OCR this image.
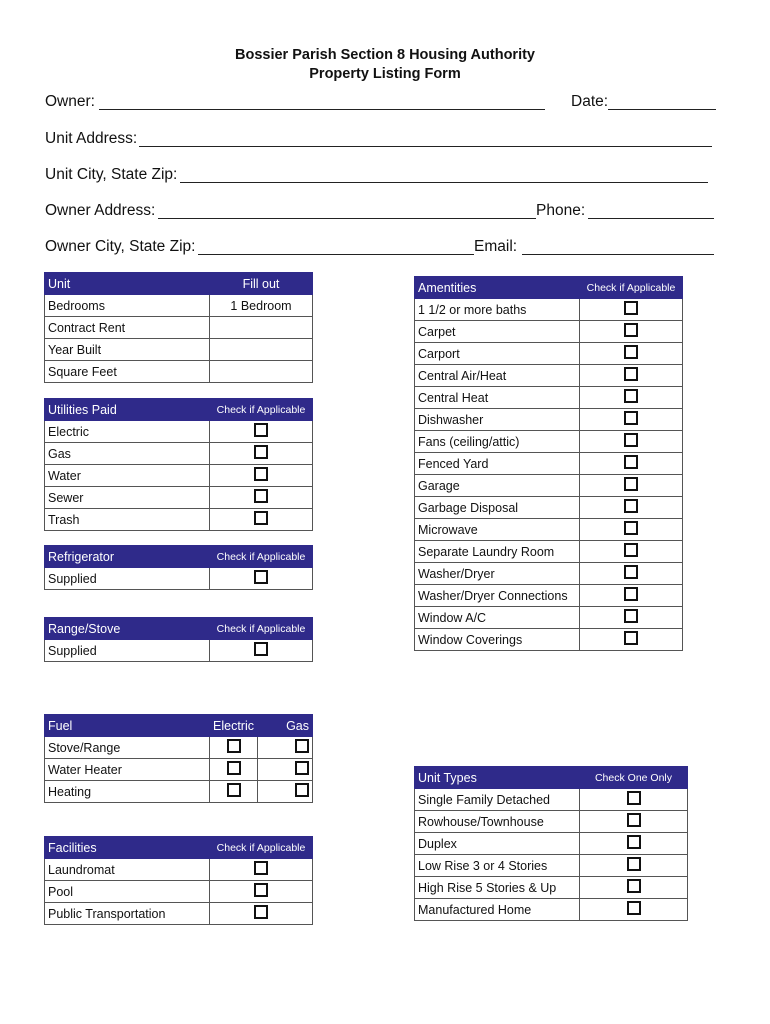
Bossier Parish Section 8 Housing Authority
Property Listing Form
Owner:	Date:
Unit Address:
Unit City, State Zip:
Owner Address:	Phone:
Owner City, State Zip:	Email:
Unit	Fill out
Bedrooms	1 Bedroom
Contract Rent	
Year Built	
Square Feet	
Utilities Paid	Check if Applicable
Electric	
Gas	
Water	
Sewer	
Trash	
Refrigerator	Check if Applicable
Supplied	
Range/Stove	Check if Applicable
Supplied	
Fuel	Electric	Gas
Stove/Range		
Water Heater		
Heating		
Facilities	Check if Applicable
Laundromat	
Pool	
Public Transportation	
Amentities	Check if Applicable
1 1/2 or more baths	
Carpet	
Carport	
Central Air/Heat	
Central Heat	
Dishwasher	
Fans (ceiling/attic)	
Fenced Yard	
Garage	
Garbage Disposal	
Microwave	
Separate Laundry Room	
Washer/Dryer	
Washer/Dryer Connections	
Window A/C	
Window Coverings	
Unit Types	Check One Only
Single Family Detached	
Rowhouse/Townhouse	
Duplex	
Low Rise 3 or 4 Stories	
High Rise 5 Stories & Up	
Manufactured Home	
